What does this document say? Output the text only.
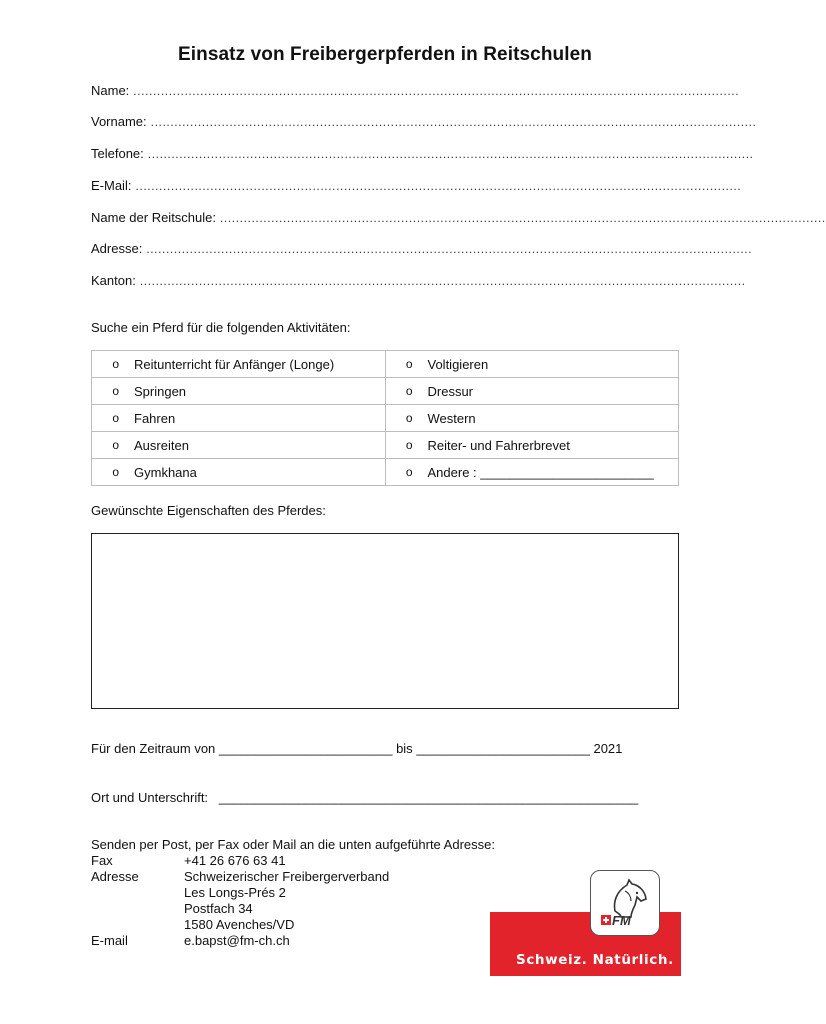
Einsatz von Freibergerpferden in Reitschulen
Name: ..........................................................................................................................................................
Vorname: ..........................................................................................................................................................
Telefone: ..........................................................................................................................................................
E-Mail: ..........................................................................................................................................................
Name der Reitschule: ..........................................................................................................................................................
Adresse: ..........................................................................................................................................................
Kanton: ..........................................................................................................................................................
Suche ein Pferd für die folgenden Aktivitäten:
o Reitunterricht für Anfänger (Longe)	o Voltigieren

o Springen	o Dressur

o Fahren	o Western

o Ausreiten	o Reiter- und Fahrerbrevet

o Gymkhana	o Andere : ________________________
Gewünschte Eigenschaften des Pferdes:
Für den Zeitraum von ________________________ bis ________________________ 2021
Ort und Unterschrift: __________________________________________________________
Senden per Post, per Fax oder Mail an die unten aufgeführte Adresse:
Fax	+41 26 676 63 41
Adresse	Schweizerischer Freibergerverband
Les Longs-Prés 2
Postfach 34
1580 Avenches/VD
E-mail	e.bapst@fm-ch.ch
Schweiz. Natürlich.
FM
